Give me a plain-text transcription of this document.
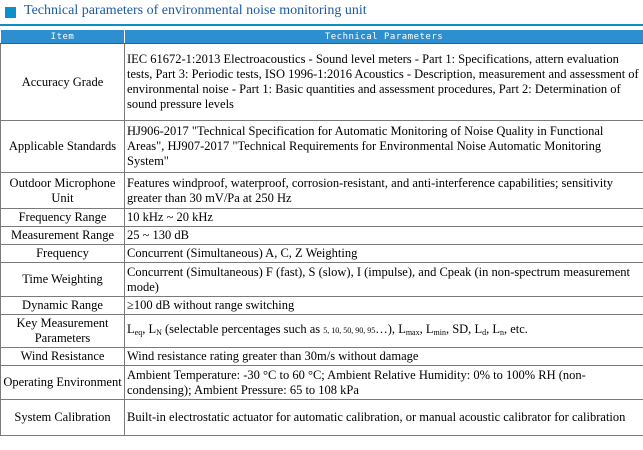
Technical parameters of environmental noise monitoring unit
Item	Technical Parameters
Accuracy Grade	IEC 61672-1:2013 Electroacoustics - Sound level meters - Part 1: Specifications, attern evaluation tests, Part 3: Periodic tests, ISO 1996-1:2016 Acoustics - Description, measurement and assessment of environmental noise - Part 1: Basic quantities and assessment procedures, Part 2: Determination of sound pressure levels
Applicable Standards	HJ906-2017 "Technical Specification for Automatic Monitoring of Noise Quality in Functional Areas", HJ907-2017 "Technical Requirements for Environmental Noise Automatic Monitoring System"
Outdoor Microphone Unit	Features windproof, waterproof, corrosion-resistant, and anti-interference capabilities; sensitivity greater than 30 mV/Pa at 250 Hz
Frequency Range	10 kHz ~ 20 kHz
Measurement Range	25 ~ 130 dB
Frequency	Concurrent (Simultaneous) A, C, Z Weighting
Time Weighting	Concurrent (Simultaneous) F (fast), S (slow), I (impulse), and Cpeak (in non-spectrum measurement mode)
Dynamic Range	≥100 dB without range switching
Key Measurement Parameters	$L_{eq}$, $L_N$ (selectable percentages such as 5, 10, 50, 90, 95…), $L_{max}$, $L_{min}$, SD, $L_d$, $L_n$, etc.
Wind Resistance	Wind resistance rating greater than 30m/s without damage
Operating Environment	Ambient Temperature: -30 °C to 60 °C; Ambient Relative Humidity: 0% to 100% RH (non-condensing); Ambient Pressure: 65 to 108 kPa
System Calibration	Built-in electrostatic actuator for automatic calibration, or manual acoustic calibrator for calibration
